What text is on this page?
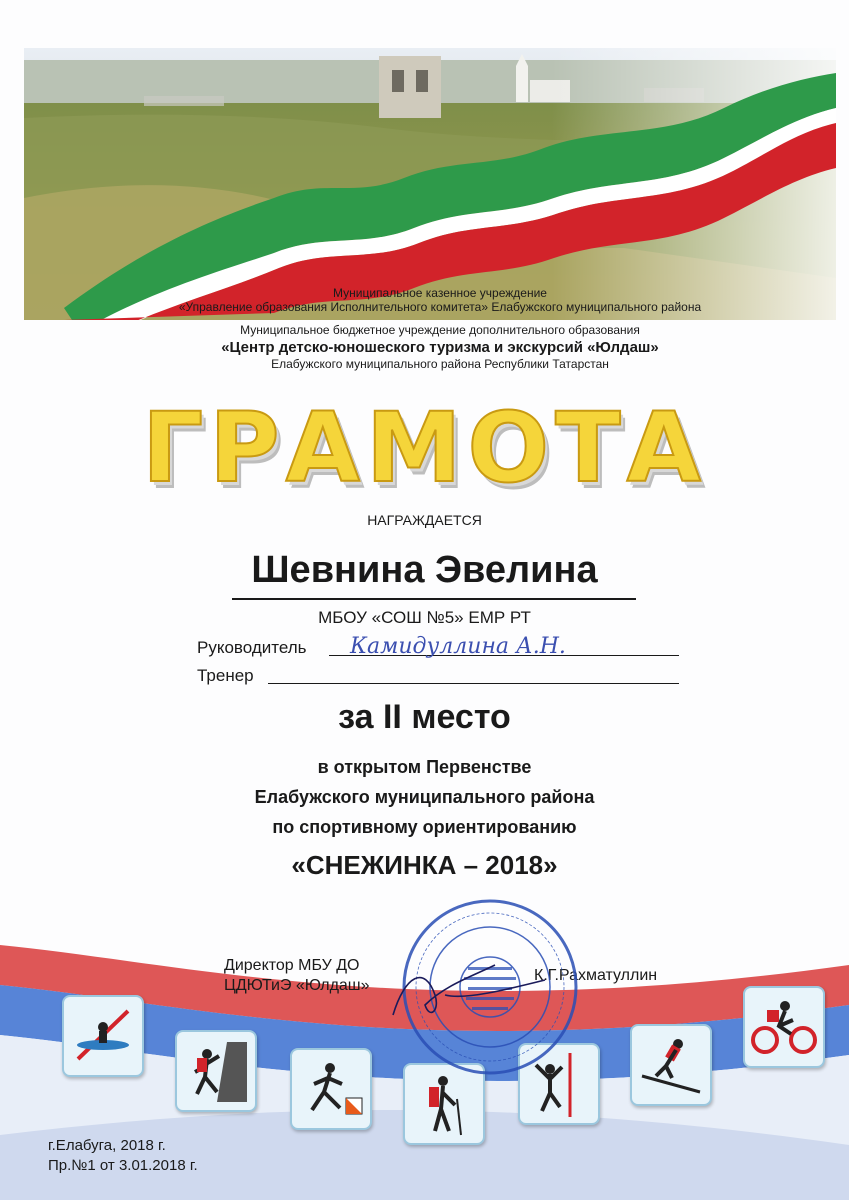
Муниципальное казенное учреждение
«Управление образования Исполнительного комитета» Елабужского муниципального района
Муниципальное бюджетное учреждение дополнительного образования
«Центр детско-юношеского туризма и экскурсий «Юлдаш»
Елабужского муниципального района Республики Татарстан
ГРАМОТА
НАГРАЖДАЕТСЯ
Шевнина Эвелина
МБОУ «СОШ №5» ЕМР РТ
Руководитель Камидуллина А.Н.
Тренер
за II место
в открытом Первенстве
Елабужского муниципального района
по спортивному ориентированию
«СНЕЖИНКА – 2018»
Директор МБУ ДО
ЦДЮТиЭ «Юлдаш»
К.Г.Рахматуллин
г.Елабуга, 2018 г.
Пр.№1 от 3.01.2018 г.
